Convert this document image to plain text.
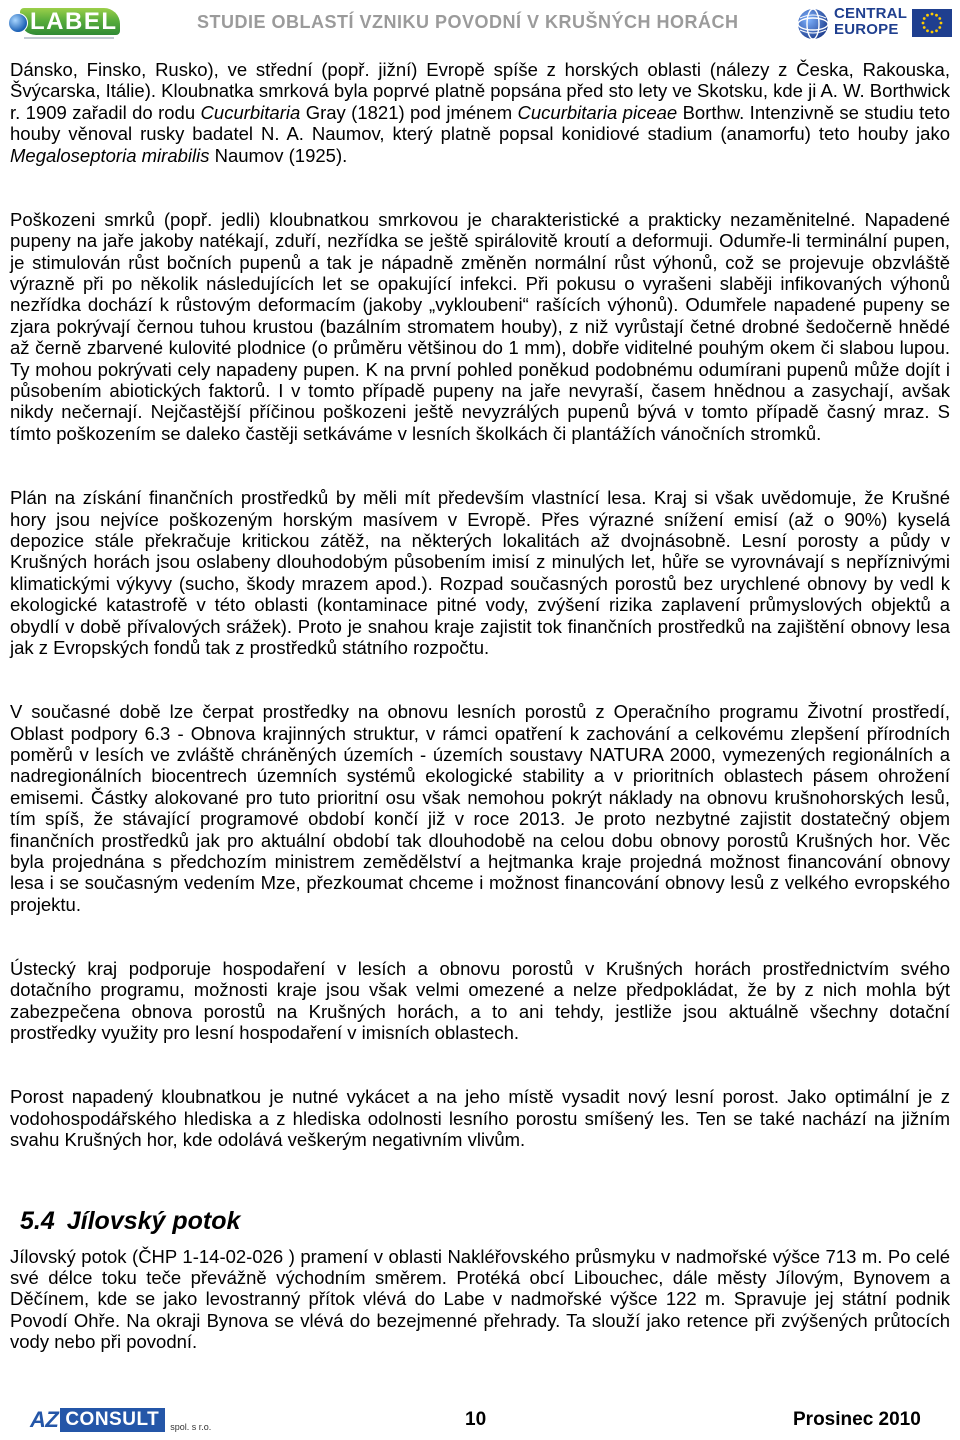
LABEL	STUDIE OBLASTÍ VZNIKU POVODNÍ V KRUŠNÝCH HORÁCH	CENTRAL
EUROPE

Dánsko, Finsko, Rusko), ve střední (popř. jižní) Evropě spíše z horských oblasti (nálezy z Česka, Rakouska, Švýcarska, Itálie). Kloubnatka smrková byla poprvé platně popsána před sto lety ve Skotsku, kde ji A. W. Borthwick r. 1909 zařadil do rodu Cucurbitaria Gray (1821) pod jménem Cucurbitaria piceae Borthw. Intenzivně se studiu teto houby věnoval rusky badatel N. A. Naumov, který platně popsal konidiové stadium (anamorfu) teto houby jako Megaloseptoria mirabilis Naumov (1925).

Poškozeni smrků (popř. jedli) kloubnatkou smrkovou je charakteristické a prakticky nezaměnitelné. Napadené pupeny na jaře jakoby natékají, zduří, nezřídka se ještě spirálovitě kroutí a deformuji. Odumře-li terminální pupen, je stimulován růst bočních pupenů a tak je nápadně změněn normální růst výhonů, což se projevuje obzvláště výrazně při po několik následujících let se opakující infekci. Při pokusu o vyrašeni slaběji infikovaných výhonů nezřídka dochází k růstovým deformacím (jakoby „vykloubeni“ rašících výhonů). Odumřele napadené pupeny se zjara pokrývají černou tuhou krustou (bazálním stromatem houby), z niž vyrůstají četné drobné šedočerně hnědé až černě zbarvené kulovité plodnice (o průměru většinou do 1 mm), dobře viditelné pouhým okem či slabou lupou. Ty mohou pokrývati cely napadeny pupen. K na první pohled poněkud podobnému odumírani pupenů může dojít i působením abiotických faktorů. I v tomto případě pupeny na jaře nevyraší, časem hnědnou a zasychají, avšak nikdy nečernají. Nejčastější příčinou poškozeni ještě nevyzrálých pupenů bývá v tomto případě časný mraz. S tímto poškozením se daleko častěji setkáváme v lesních školkách či plantážích vánočních stromků.

Plán na získání finančních prostředků by měli mít především vlastnící lesa. Kraj si však uvědomuje, že Krušné hory jsou nejvíce poškozeným horským masívem v Evropě. Přes výrazné snížení emisí (až o 90%) kyselá depozice stále překračuje kritickou zátěž, na některých lokalitách až dvojnásobně. Lesní porosty a půdy v Krušných horách jsou oslabeny dlouhodobým působením imisí z minulých let, hůře se vyrovnávají s nepříznivými klimatickými výkyvy (sucho, škody mrazem apod.). Rozpad současných porostů bez urychlené obnovy by vedl k ekologické katastrofě v této oblasti (kontaminace pitné vody, zvýšení rizika zaplavení průmyslových objektů a obydlí v době přívalových srážek). Proto je snahou kraje zajistit tok finančních prostředků na zajištění obnovy lesa jak z Evropských fondů tak z prostředků státního rozpočtu.

V současné době lze čerpat prostředky na obnovu lesních porostů z Operačního programu Životní prostředí, Oblast podpory 6.3 - Obnova krajinných struktur, v rámci opatření k zachování a celkovému zlepšení přírodních poměrů v lesích ve zvláště chráněných územích - územích soustavy NATURA 2000, vymezených regionálních a nadregionálních biocentrech územních systémů ekologické stability a v prioritních oblastech pásem ohrožení emisemi. Částky alokované pro tuto prioritní osu však nemohou pokrýt náklady na obnovu krušnohorských lesů, tím spíš, že stávající programové období končí již v roce 2013. Je proto nezbytné zajistit dostatečný objem finančních prostředků jak pro aktuální období tak dlouhodobě na celou dobu obnovy porostů Krušných hor. Věc byla projednána s předchozím ministrem zemědělství a hejtmanka kraje projedná možnost financování obnovy lesa i se současným vedením Mze, přezkoumat chceme i možnost financování obnovy lesů z velkého evropského projektu.

Ústecký kraj podporuje hospodaření v lesích a obnovu porostů v Krušných horách prostřednictvím svého dotačního programu, možnosti kraje jsou však velmi omezené a nelze předpokládat, že by z nich mohla být zabezpečena obnova porostů na Krušných horách, a to ani tehdy, jestliže jsou aktuálně všechny dotační prostředky využity pro lesní hospodaření v imisních oblastech.

Porost napadený kloubnatkou je nutné vykácet a na jeho místě vysadit nový lesní porost. Jako optimální je z vodohospodářského hlediska a z hlediska odolnosti lesního porostu smíšený les. Ten se také nachází na jižním svahu Krušných hor, kde odolává veškerým negativním vlivům.

5.4 Jílovský potok

Jílovský potok (ČHP 1-14-02-026 ) pramení v oblasti Nakléřovského průsmyku v nadmořské výšce 713 m. Po celé své délce toku teče převážně východním směrem. Protéká obcí Libouchec, dále městy Jílovým, Bynovem a Děčínem, kde se jako levostranný přítok vlévá do Labe v nadmořské výšce 122 m. Spravuje jej státní podnik Povodí Ohře. Na okraji Bynova se vlévá do bezejmenné přehrady. Ta slouží jako retence při zvýšených průtocích vody nebo při povodní.

AZ CONSULT spol. s r.o.	10	Prosinec 2010
